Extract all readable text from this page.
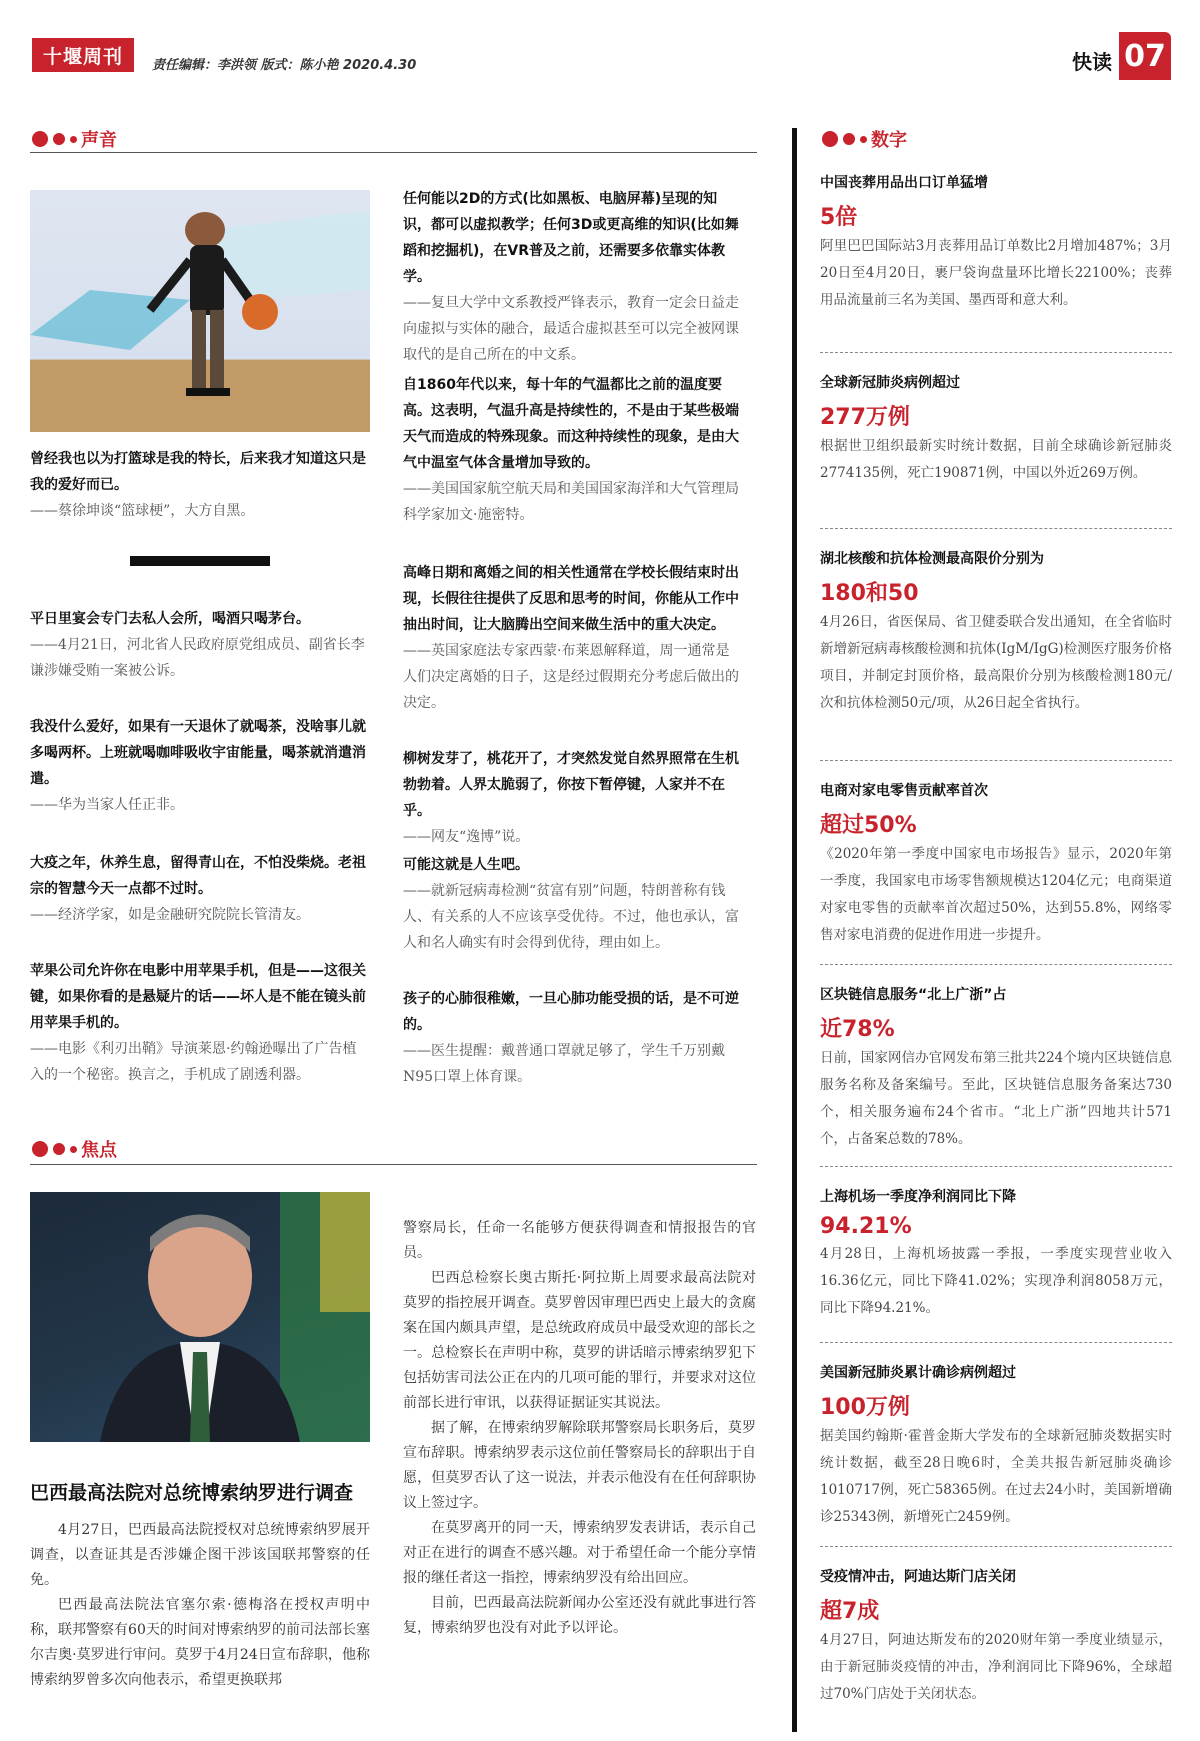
十堰周刊 责任编辑：李洪领 版式：陈小艳 2020.4.30	快读 07
声音
曾经我也以为打篮球是我的特长，后来我才知道这只是我的爱好而已。
——蔡徐坤谈“篮球梗”，大方自黑。
平日里宴会专门去私人会所，喝酒只喝茅台。
——4月21日，河北省人民政府原党组成员、副省长李谦涉嫌受贿一案被公诉。
我没什么爱好，如果有一天退休了就喝茶，没啥事儿就多喝两杯。上班就喝咖啡吸收宇宙能量，喝茶就消遣消遣。
——华为当家人任正非。
大疫之年，休养生息，留得青山在，不怕没柴烧。老祖宗的智慧今天一点都不过时。
——经济学家，如是金融研究院院长管清友。
苹果公司允许你在电影中用苹果手机，但是——这很关键，如果你看的是悬疑片的话——坏人是不能在镜头前用苹果手机的。
——电影《利刃出鞘》导演莱恩·约翰逊曝出了广告植入的一个秘密。换言之，手机成了剧透利器。
任何能以2D的方式(比如黑板、电脑屏幕)呈现的知识，都可以虚拟教学；任何3D或更高维的知识(比如舞蹈和挖掘机)，在VR普及之前，还需要多依靠实体教学。
——复旦大学中文系教授严锋表示，教育一定会日益走向虚拟与实体的融合，最适合虚拟甚至可以完全被网课取代的是自己所在的中文系。
自1860年代以来，每十年的气温都比之前的温度要高。这表明，气温升高是持续性的，不是由于某些极端天气而造成的特殊现象。而这种持续性的现象，是由大气中温室气体含量增加导致的。
——美国国家航空航天局和美国国家海洋和大气管理局科学家加文·施密特。
高峰日期和离婚之间的相关性通常在学校长假结束时出现，长假往往提供了反思和思考的时间，你能从工作中抽出时间，让大脑腾出空间来做生活中的重大决定。
——英国家庭法专家西蒙·布莱恩解释道，周一通常是人们决定离婚的日子，这是经过假期充分考虑后做出的决定。
柳树发芽了，桃花开了，才突然发觉自然界照常在生机勃勃着。人界太脆弱了，你按下暂停键，人家并不在乎。
——网友“逸博”说。
可能这就是人生吧。
——就新冠病毒检测“贫富有别”问题，特朗普称有钱人、有关系的人不应该享受优待。不过，他也承认，富人和名人确实有时会得到优待，理由如上。
孩子的心肺很稚嫩，一旦心肺功能受损的话，是不可逆的。
——医生提醒：戴普通口罩就足够了，学生千万别戴N95口罩上体育课。
焦点
巴西最高法院对总统博索纳罗进行调查

4月27日，巴西最高法院授权对总统博索纳罗展开调查，以查证其是否涉嫌企图干涉该国联邦警察的任免。

巴西最高法院法官塞尔索·德梅洛在授权声明中称，联邦警察有60天的时间对博索纳罗的前司法部长塞尔吉奥·莫罗进行审问。莫罗于4月24日宣布辞职，他称博索纳罗曾多次向他表示，希望更换联邦

警察局长，任命一名能够方便获得调查和情报报告的官员。

巴西总检察长奥古斯托·阿拉斯上周要求最高法院对莫罗的指控展开调查。莫罗曾因审理巴西史上最大的贪腐案在国内颇具声望，是总统政府成员中最受欢迎的部长之一。总检察长在声明中称，莫罗的讲话暗示博索纳罗犯下包括妨害司法公正在内的几项可能的罪行，并要求对这位前部长进行审讯，以获得证据证实其说法。

据了解，在博索纳罗解除联邦警察局长职务后，莫罗宣布辞职。博索纳罗表示这位前任警察局长的辞职出于自愿，但莫罗否认了这一说法，并表示他没有在任何辞职协议上签过字。

在莫罗离开的同一天，博索纳罗发表讲话，表示自己对正在进行的调查不感兴趣。对于希望任命一个能分享情报的继任者这一指控，博索纳罗没有给出回应。

目前，巴西最高法院新闻办公室还没有就此事进行答复，博索纳罗也没有对此予以评论。

数字
中国丧葬用品出口订单猛增
5倍
阿里巴巴国际站3月丧葬用品订单数比2月增加487%；3月20日至4月20日，裹尸袋询盘量环比增长22100%；丧葬用品流量前三名为美国、墨西哥和意大利。
全球新冠肺炎病例超过
277万例
根据世卫组织最新实时统计数据，目前全球确诊新冠肺炎2774135例，死亡190871例，中国以外近269万例。
湖北核酸和抗体检测最高限价分别为
180和50
4月26日，省医保局、省卫健委联合发出通知，在全省临时新增新冠病毒核酸检测和抗体(IgM/IgG)检测医疗服务价格项目，并制定封顶价格，最高限价分别为核酸检测180元/次和抗体检测50元/项，从26日起全省执行。
电商对家电零售贡献率首次
超过50%
《2020年第一季度中国家电市场报告》显示，2020年第一季度，我国家电市场零售额规模达1204亿元；电商渠道对家电零售的贡献率首次超过50%，达到55.8%，网络零售对家电消费的促进作用进一步提升。
区块链信息服务“北上广浙”占
近78%
日前，国家网信办官网发布第三批共224个境内区块链信息服务名称及备案编号。至此，区块链信息服务备案达730个，相关服务遍布24个省市。“北上广浙”四地共计571个，占备案总数的78%。
上海机场一季度净利润同比下降
94.21%
4月28日，上海机场披露一季报，一季度实现营业收入16.36亿元，同比下降41.02%；实现净利润8058万元，同比下降94.21%。
美国新冠肺炎累计确诊病例超过
100万例
据美国约翰斯·霍普金斯大学发布的全球新冠肺炎数据实时统计数据，截至28日晚6时，全美共报告新冠肺炎确诊1010717例，死亡58365例。在过去24小时，美国新增确诊25343例，新增死亡2459例。
受疫情冲击，阿迪达斯门店关闭
超7成
4月27日，阿迪达斯发布的2020财年第一季度业绩显示，由于新冠肺炎疫情的冲击，净利润同比下降96%，全球超过70%门店处于关闭状态。
